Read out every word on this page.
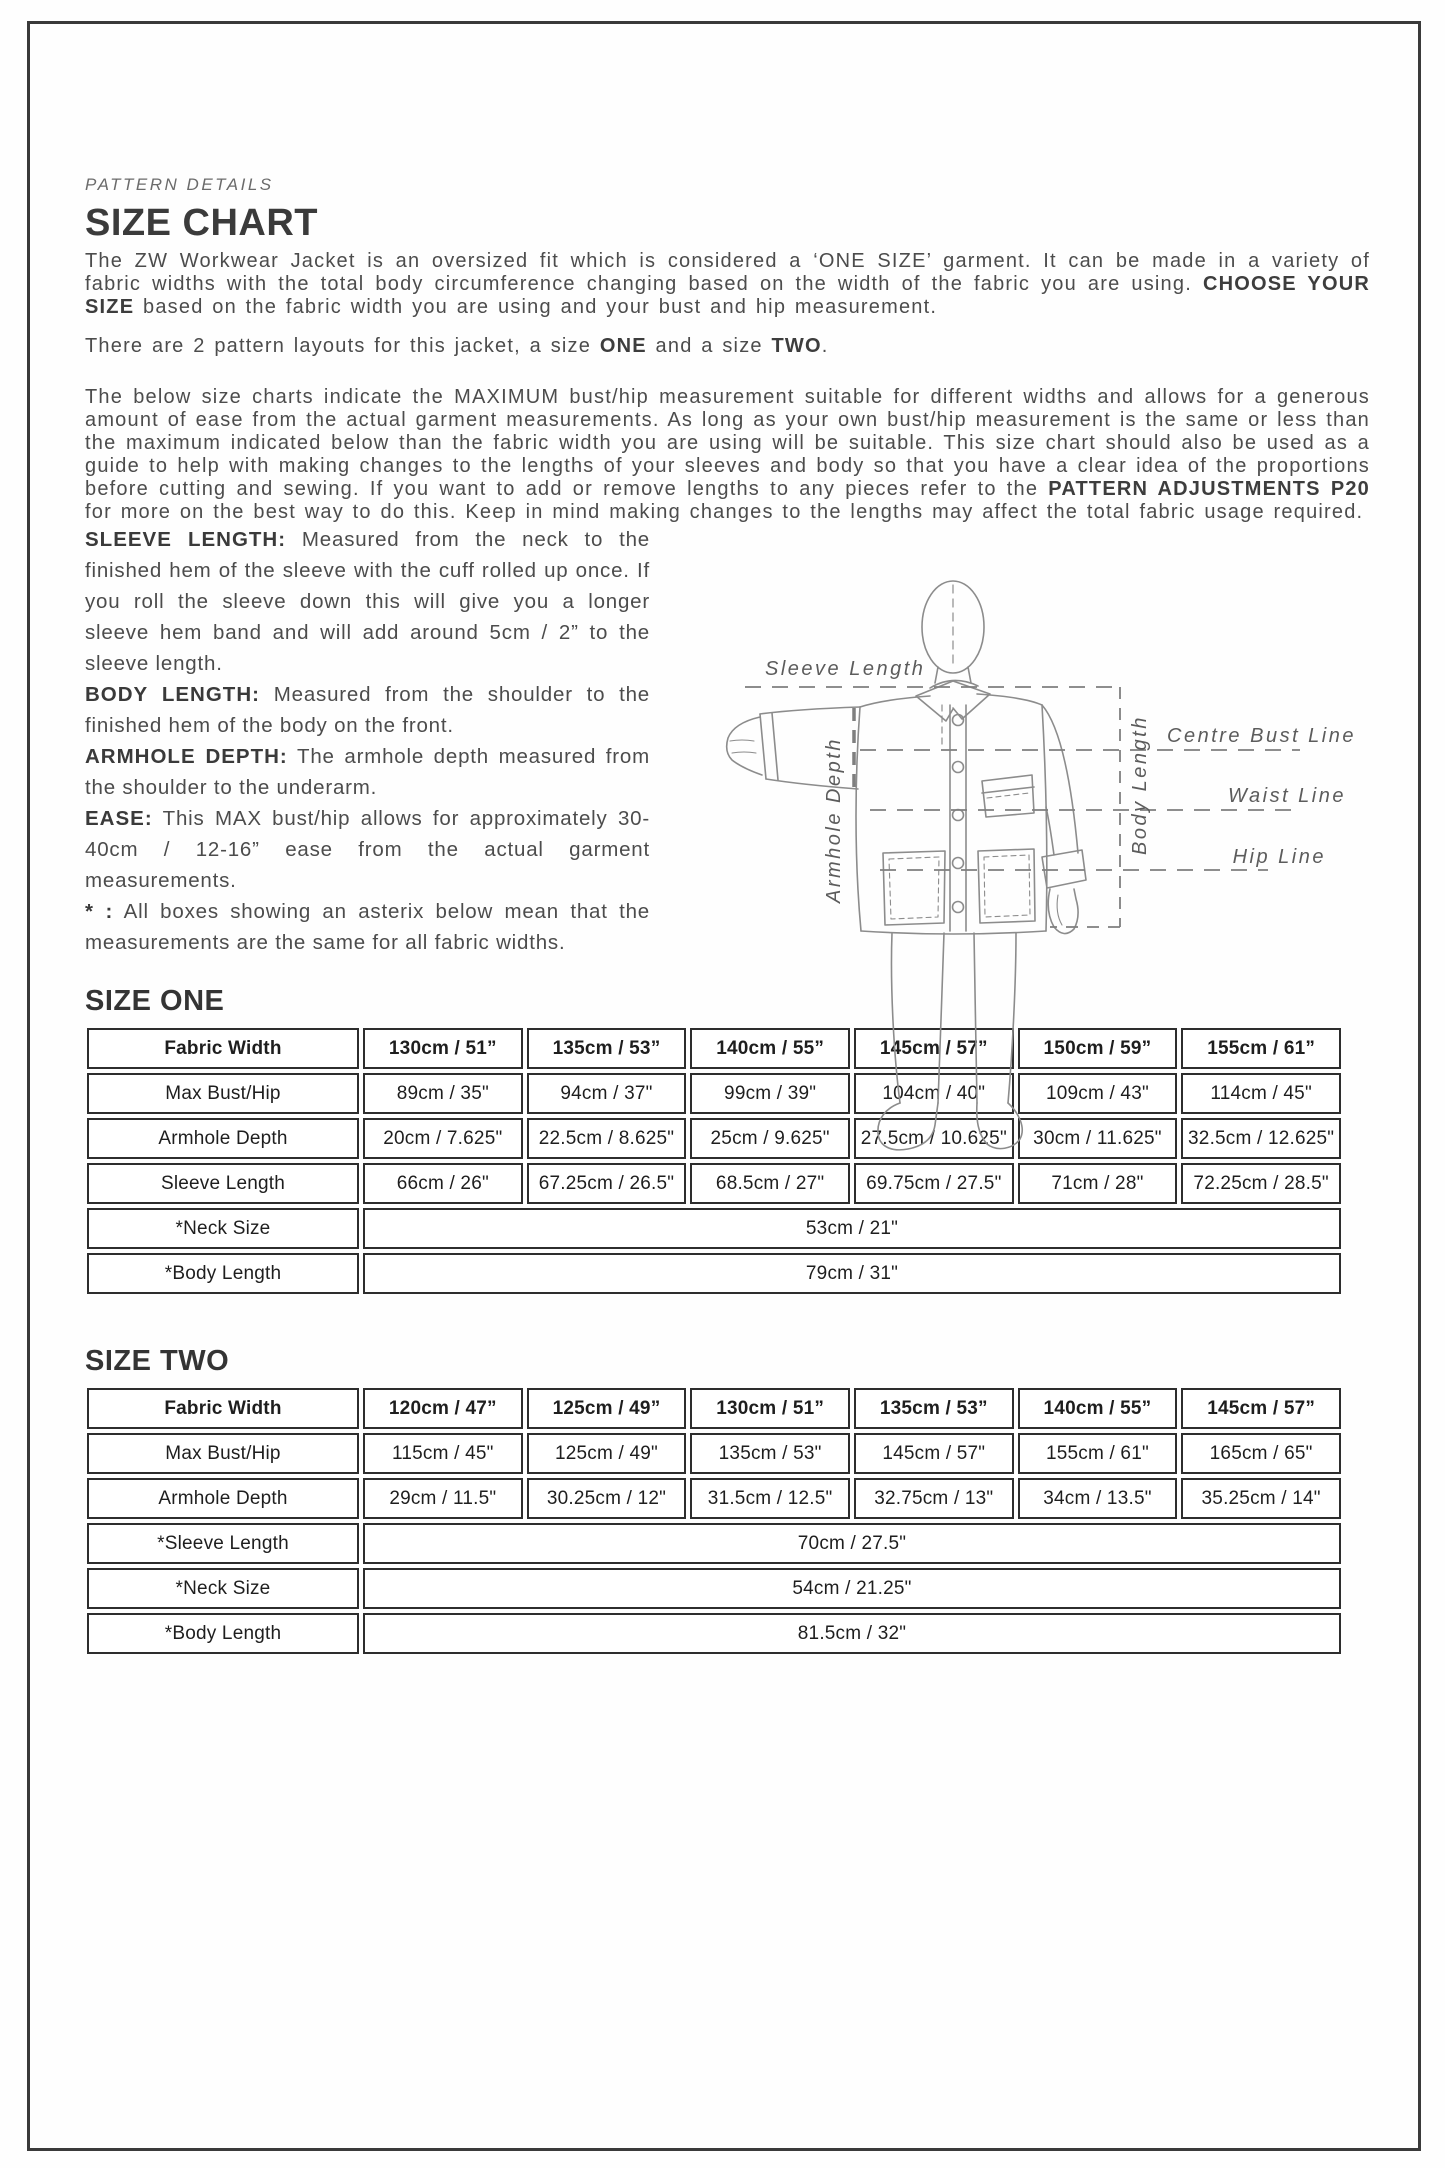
PATTERN DETAILS
SIZE CHART

The ZW Workwear Jacket is an oversized fit which is considered a ‘ONE SIZE’ garment. It can be made in a variety of fabric widths with the total body circumference changing based on the width of the fabric you are using. CHOOSE YOUR SIZE based on the fabric width you are using and your bust and hip measurement.

There are 2 pattern layouts for this jacket, a size ONE and a size TWO.

The below size charts indicate the MAXIMUM bust/hip measurement suitable for different widths and allows for a generous amount of ease from the actual garment measurements. As long as your own bust/hip measurement is the same or less than the maximum indicated below than the fabric width you are using will be suitable. This size chart should also be used as a guide to help with making changes to the lengths of your sleeves and body so that you have a clear idea of the proportions before cutting and sewing. If you want to add or remove lengths to any pieces refer to the PATTERN ADJUSTMENTS P20 for more on the best way to do this. Keep in mind making changes to the lengths may affect the total fabric usage required.

SLEEVE LENGTH: Measured from the neck to the finished hem of the sleeve with the cuff rolled up once. If you roll the sleeve down this will give you a longer sleeve hem band and will add around 5cm / 2” to the sleeve length.

BODY LENGTH: Measured from the shoulder to the finished hem of the body on the front.

ARMHOLE DEPTH: The armhole depth measured from the shoulder to the underarm.

EASE: This MAX bust/hip allows for approximately 30-40cm / 12-16” ease from the actual garment measurements.

* : All boxes showing an asterix below mean that the measurements are the same for all fabric widths.

SIZE ONE
Fabric Width	130cm / 51”	135cm / 53”	140cm / 55”	145cm / 57”	150cm / 59”	155cm / 61”
Max Bust/Hip	89cm / 35"	94cm / 37"	99cm / 39"	104cm / 40"	109cm / 43"	114cm / 45"
Armhole Depth	20cm / 7.625"	22.5cm / 8.625"	25cm / 9.625"	27.5cm / 10.625"	30cm / 11.625"	32.5cm / 12.625"
Sleeve Length	66cm / 26"	67.25cm / 26.5"	68.5cm / 27"	69.75cm / 27.5"	71cm / 28"	72.25cm / 28.5"
*Neck Size	53cm / 21"					
*Body Length	79cm / 31"					
SIZE TWO
Fabric Width	120cm / 47”	125cm / 49”	130cm / 51”	135cm / 53”	140cm / 55”	145cm / 57”
Max Bust/Hip	115cm / 45"	125cm / 49"	135cm / 53"	145cm / 57"	155cm / 61"	165cm / 65"
Armhole Depth	29cm / 11.5"	30.25cm / 12"	31.5cm / 12.5"	32.75cm / 13"	34cm / 13.5"	35.25cm / 14"
*Sleeve Length	70cm / 27.5"					
*Neck Size	54cm / 21.25"					
*Body Length	81.5cm / 32"					
Sleeve Length
Armhole Depth	Body Length Centre Bust Line
Waist Line
Hip Line
